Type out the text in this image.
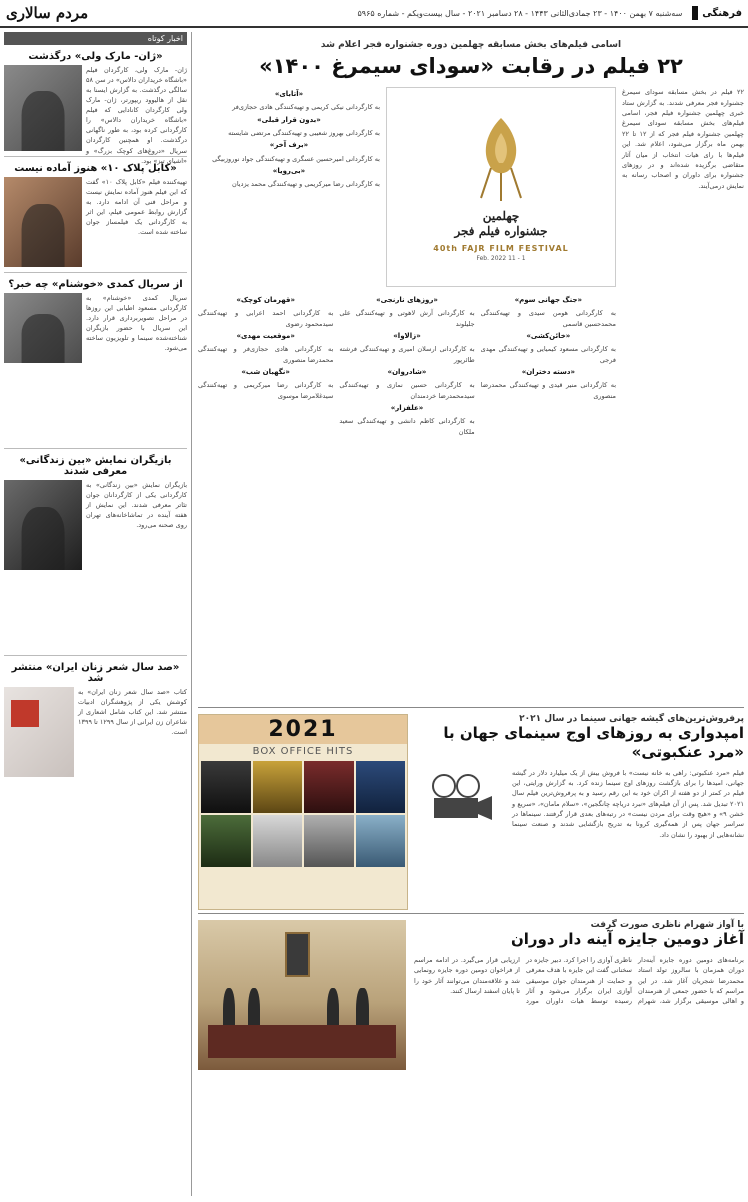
فرهنگی
سه‌شنبه ۷ بهمن ۱۴۰۰ - ۲۳ جمادی‌الثانی ۱۴۴۳ - ۲۸ دسامبر ۲۰۲۱ - سال بیست‌ویکم - شماره ۵۹۶۵
مردم سالاری
اخبار کوتاه
«ژان- مارک ولی» درگذشت
ژان- مارک ولی، کارگردان فیلم «باشگاه خریداران دالاس» در سن ۵۸ سالگی درگذشت. به گزارش ایسنا به نقل از هالیوود ریپورتر، ژان- مارک ولی کارگردان کانادایی که فیلم «باشگاه خریداران دالاس» را کارگردانی کرده بود، به طور ناگهانی درگذشت. او همچنین کارگردان سریال «دروغ‌های کوچک بزرگ» و «اشیای تیز» بود.
«کابل پلاک ۱۰» هنوز آماده نیست
تهیه‌کننده فیلم «کابل پلاک ۱۰» گفت که این فیلم هنوز آماده نمایش نیست و مراحل فنی آن ادامه دارد. به گزارش روابط عمومی فیلم، این اثر به کارگردانی یک فیلمساز جوان ساخته شده است.
از سریال کمدی «خوشنام» چه خبر؟
سریال کمدی «خوشنام» به کارگردانی مسعود اطیابی این روزها در مراحل تصویربرداری قرار دارد. این سریال با حضور بازیگران شناخته‌شده سینما و تلویزیون ساخته می‌شود.
بازیگران نمایش «بین زندگانی» معرفی شدند
بازیگران نمایش «بین زندگانی» به کارگردانی یکی از کارگردانان جوان تئاتر معرفی شدند. این نمایش از هفته آینده در تماشاخانه‌های تهران روی صحنه می‌رود.
«صد سال شعر زنان ایران» منتشر شد
کتاب «صد سال شعر زنان ایران» به کوشش یکی از پژوهشگران ادبیات منتشر شد. این کتاب شامل اشعاری از شاعران زن ایرانی از سال ۱۲۹۹ تا ۱۳۹۹ است.
اسامی فیلم‌های بخش مسابقه چهلمین دوره جشنواره فجر اعلام شد
۲۲ فیلم در رقابت «سودای سیمرغ ۱۴۰۰»
۲۲ فیلم در بخش مسابقه سودای سیمرغ جشنواره فجر معرفی شدند. به گزارش ستاد خبری چهلمین جشنواره فیلم فجر، اسامی فیلم‌های بخش مسابقه سودای سیمرغ چهلمین جشنواره فیلم فجر که از ۱۲ تا ۲۲ بهمن ماه برگزار می‌شود، اعلام شد. این فیلم‌ها با رای هیات انتخاب از میان آثار متقاضی برگزیده شده‌اند و در روزهای جشنواره برای داوران و اصحاب رسانه به نمایش درمی‌آیند.
چهلمین
جشنواره فیلم فجر
40th FAJR FILM FESTIVAL
1 - 11 Feb. 2022
«آتابای»
به کارگردانی نیکی کریمی و تهیه‌کنندگی هادی حجازی‌فر
«بدون قرار قبلی»
به کارگردانی بهروز شعیبی و تهیه‌کنندگی مرتضی شایسته
«برف آخر»
به کارگردانی امیرحسین عسگری و تهیه‌کنندگی جواد نوروزبیگی
«بی‌رویا»
به کارگردانی رضا میرکریمی و تهیه‌کنندگی محمد یزدیان
«جنگ جهانی سوم»
به کارگردانی هومن سیدی و تهیه‌کنندگی محمدحسین قاسمی
«خائن‌کشی»
به کارگردانی مسعود کیمیایی و تهیه‌کنندگی مهدی فرجی
«دسته دختران»
به کارگردانی منیر قیدی و تهیه‌کنندگی محمدرضا منصوری
«روزهای نارنجی»
به کارگردانی آرش لاهوتی و تهیه‌کنندگی علی جلیلوند
«زالاوا»
به کارگردانی ارسلان امیری و تهیه‌کنندگی فرشته طائرپور
«شادروان»
به کارگردانی حسین نمازی و تهیه‌کنندگی سیدمحمدرضا خردمندان
«علفزار»
به کارگردانی کاظم دانشی و تهیه‌کنندگی سعید ملکان
«قهرمان کوچک»
به کارگردانی احمد اعرابی و تهیه‌کنندگی سیدمحمود رضوی
«موقعیت مهدی»
به کارگردانی هادی حجازی‌فر و تهیه‌کنندگی محمدرضا منصوری
«نگهبان شب»
به کارگردانی رضا میرکریمی و تهیه‌کنندگی سیدغلامرضا موسوی
پرفروش‌ترین‌های گیشه جهانی سینما در سال ۲۰۲۱
امپدواری به روزهای اوج سینمای جهان با «مرد عنکبوتی»
فیلم «مرد عنکبوتی: راهی به خانه نیست» با فروش بیش از یک میلیارد دلار در گیشه جهانی، امیدها را برای بازگشت روزهای اوج سینما زنده کرد. به گزارش ورایتی، این فیلم در کمتر از دو هفته از اکران خود به این رقم رسید و به پرفروش‌ترین فیلم سال ۲۰۲۱ تبدیل شد. پس از آن فیلم‌های «نبرد دریاچه چانگجین»، «سلام مامان»، «سریع و خشن ۹» و «هیچ وقت برای مردن نیست» در رتبه‌های بعدی قرار گرفتند. سینماها در سراسر جهان پس از همه‌گیری کرونا به تدریج بازگشایی شدند و صنعت سینما نشانه‌هایی از بهبود را نشان داد.
2021
BOX OFFICE HITS
با آواز شهرام ناظری صورت گرفت
آغاز دومین جایزه آینه دار دوران
برنامه‌های دومین دوره جایزه آینه‌دار دوران همزمان با سالروز تولد استاد محمدرضا شجریان آغاز شد. در این مراسم که با حضور جمعی از هنرمندان و اهالی موسیقی برگزار شد، شهرام ناظری آوازی را اجرا کرد. دبیر جایزه در سخنانی گفت این جایزه با هدف معرفی و حمایت از هنرمندان جوان موسیقی آوازی ایران برگزار می‌شود و آثار رسیده توسط هیات داوران مورد ارزیابی قرار می‌گیرد. در ادامه مراسم از فراخوان دومین دوره جایزه رونمایی شد و علاقه‌مندان می‌توانند آثار خود را تا پایان اسفند ارسال کنند.
